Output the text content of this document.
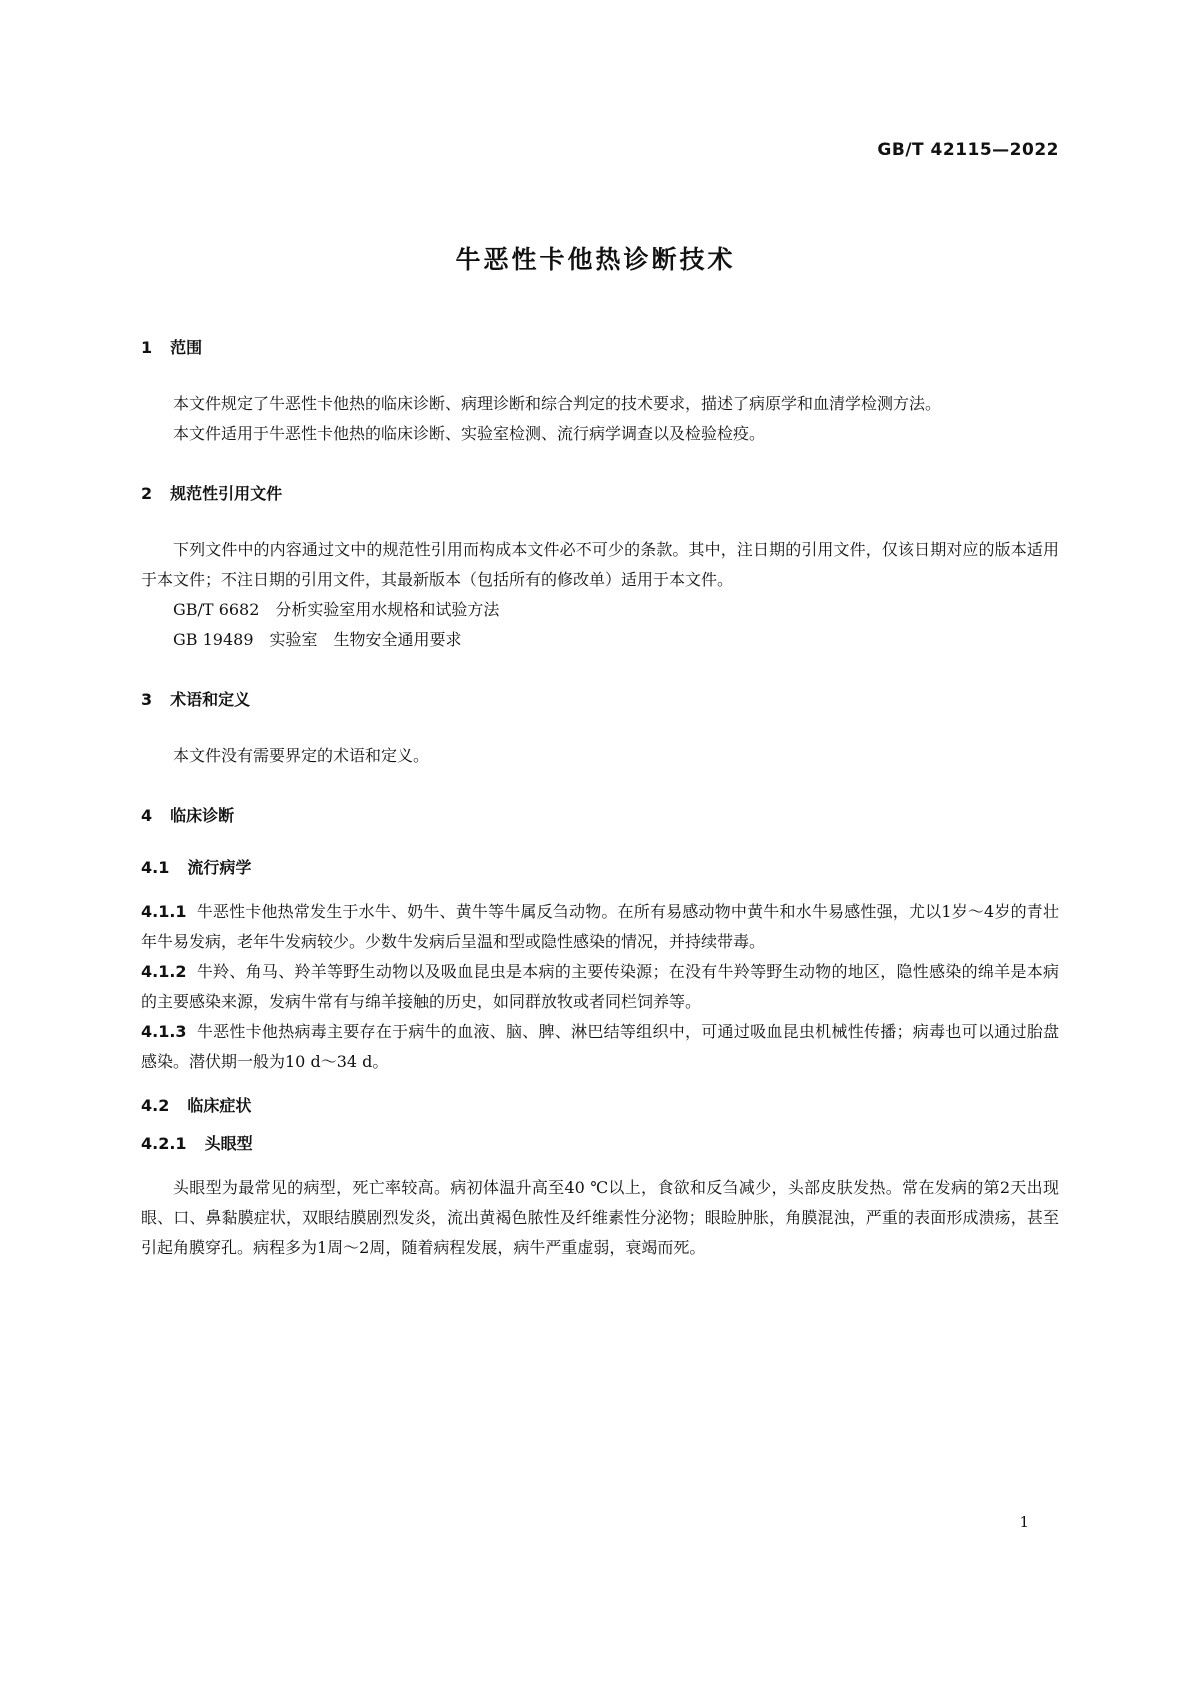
GB/T 42115—2022
牛恶性卡他热诊断技术
1 范围

本文件规定了牛恶性卡他热的临床诊断、病理诊断和综合判定的技术要求，描述了病原学和血清学检测方法。

本文件适用于牛恶性卡他热的临床诊断、实验室检测、流行病学调查以及检验检疫。

2 规范性引用文件

下列文件中的内容通过文中的规范性引用而构成本文件必不可少的条款。其中，注日期的引用文件，仅该日期对应的版本适用于本文件；不注日期的引用文件，其最新版本（包括所有的修改单）适用于本文件。

GB/T 6682 分析实验室用水规格和试验方法

GB 19489 实验室　生物安全通用要求

3 术语和定义

本文件没有需要界定的术语和定义。

4 临床诊断
4.1 流行病学

4.1.1 牛恶性卡他热常发生于水牛、奶牛、黄牛等牛属反刍动物。在所有易感动物中黄牛和水牛易感性强，尤以1岁～4岁的青壮年牛易发病，老年牛发病较少。少数牛发病后呈温和型或隐性感染的情况，并持续带毒。

4.1.2 牛羚、角马、羚羊等野生动物以及吸血昆虫是本病的主要传染源；在没有牛羚等野生动物的地区，隐性感染的绵羊是本病的主要感染来源，发病牛常有与绵羊接触的历史，如同群放牧或者同栏饲养等。

4.1.3 牛恶性卡他热病毒主要存在于病牛的血液、脑、脾、淋巴结等组织中，可通过吸血昆虫机械性传播；病毒也可以通过胎盘感染。潜伏期一般为10 d～34 d。

4.2 临床症状
4.2.1 头眼型

头眼型为最常见的病型，死亡率较高。病初体温升高至40 ℃以上，食欲和反刍减少，头部皮肤发热。常在发病的第2天出现眼、口、鼻黏膜症状，双眼结膜剧烈发炎，流出黄褐色脓性及纤维素性分泌物；眼睑肿胀，角膜混浊，严重的表面形成溃疡，甚至引起角膜穿孔。病程多为1周～2周，随着病程发展，病牛严重虚弱，衰竭而死。

1
